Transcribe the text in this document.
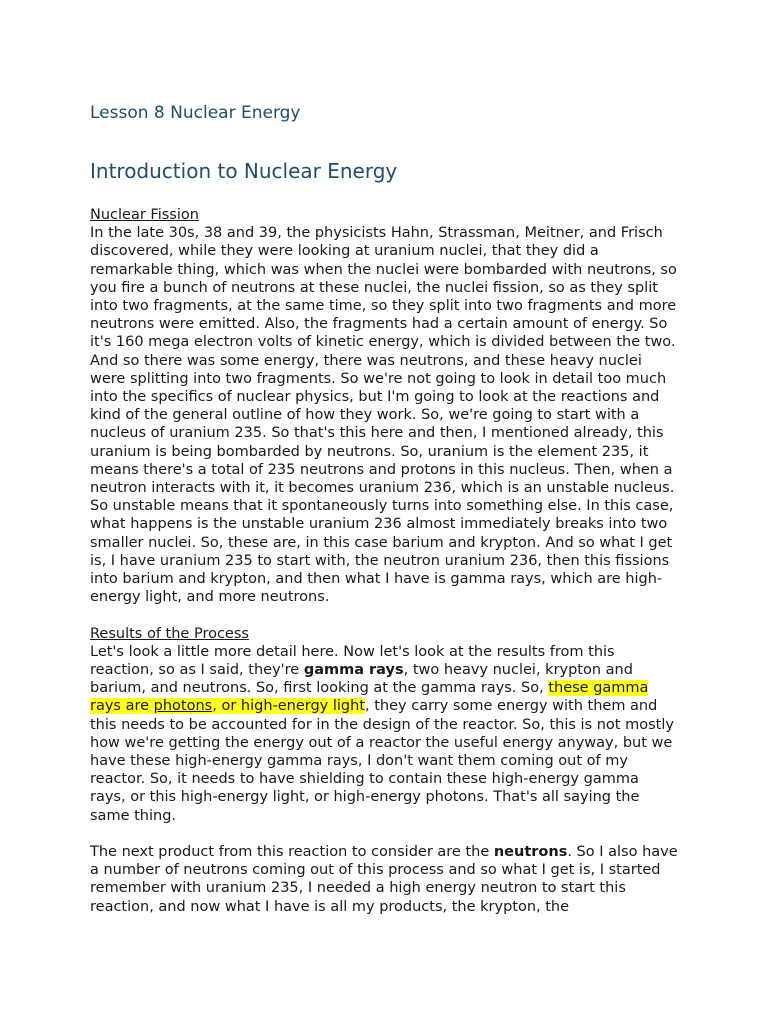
Lesson 8 Nuclear Energy
Introduction to Nuclear Energy
Nuclear Fission

In the late 30s, 38 and 39, the physicists Hahn, Strassman, Meitner, and Frisch discovered, while they were looking at uranium nuclei, that they did a remarkable thing, which was when the nuclei were bombarded with neutrons, so you fire a bunch of neutrons at these nuclei, the nuclei fission, so as they split into two fragments, at the same time, so they split into two fragments and more neutrons were emitted. Also, the fragments had a certain amount of energy. So it's 160 mega electron volts of kinetic energy, which is divided between the two. And so there was some energy, there was neutrons, and these heavy nuclei were splitting into two fragments. So we're not going to look in detail too much into the specifics of nuclear physics, but I'm going to look at the reactions and kind of the general outline of how they work. So, we're going to start with a nucleus of uranium 235. So that's this here and then, I mentioned already, this uranium is being bombarded by neutrons. So, uranium is the element 235, it means there's a total of 235 neutrons and protons in this nucleus. Then, when a neutron interacts with it, it becomes uranium 236, which is an unstable nucleus. So unstable means that it spontaneously turns into something else. In this case, what happens is the unstable uranium 236 almost immediately breaks into two smaller nuclei. So, these are, in this case barium and krypton. And so what I get is, I have uranium 235 to start with, the neutron uranium 236, then this fissions into barium and krypton, and then what I have is gamma rays, which are high-energy light, and more neutrons.

Results of the Process

Let's look a little more detail here. Now let's look at the results from this reaction, so as I said, they're gamma rays, two heavy nuclei, krypton and barium, and neutrons. So, first looking at the gamma rays. So, these gamma rays are photons, or high-energy light, they carry some energy with them and this needs to be accounted for in the design of the reactor. So, this is not mostly how we're getting the energy out of a reactor the useful energy anyway, but we have these high-energy gamma rays, I don't want them coming out of my reactor. So, it needs to have shielding to contain these high-energy gamma rays, or this high-energy light, or high-energy photons. That's all saying the same thing.

The next product from this reaction to consider are the neutrons. So I also have a number of neutrons coming out of this process and so what I get is, I started remember with uranium 235, I needed a high energy neutron to start this reaction, and now what I have is all my products, the krypton, the
